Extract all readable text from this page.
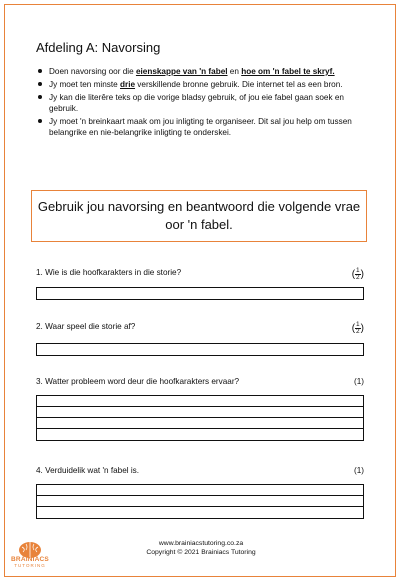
Afdeling A: Navorsing
Doen navorsing oor die eienskappe van 'n fabel en hoe om 'n fabel te skryf.
Jy moet ten minste drie verskillende bronne gebruik. Die internet tel as een bron.
Jy kan die literêre teks op die vorige bladsy gebruik, of jou eie fabel gaan soek en gebruik.
Jy moet 'n breinkaart maak om jou inligting te organiseer. Dit sal jou help om tussen belangrike en nie-belangrike inligting te onderskei.
Gebruik jou navorsing en beantwoord die volgende vrae oor 'n fabel.
1. Wie is die hoofkarakters in die storie?	( $\frac{1}{2}$ )
2. Waar speel die storie af?	( $\frac{1}{2}$ )
3. Watter probleem word deur die hoofkarakters ervaar?	(1)
4. Verduidelik wat 'n fabel is.	(1)
BRAINIACS
TUTORING
www.brainiacstutoring.co.za
Copyright © 2021 Brainiacs Tutoring
